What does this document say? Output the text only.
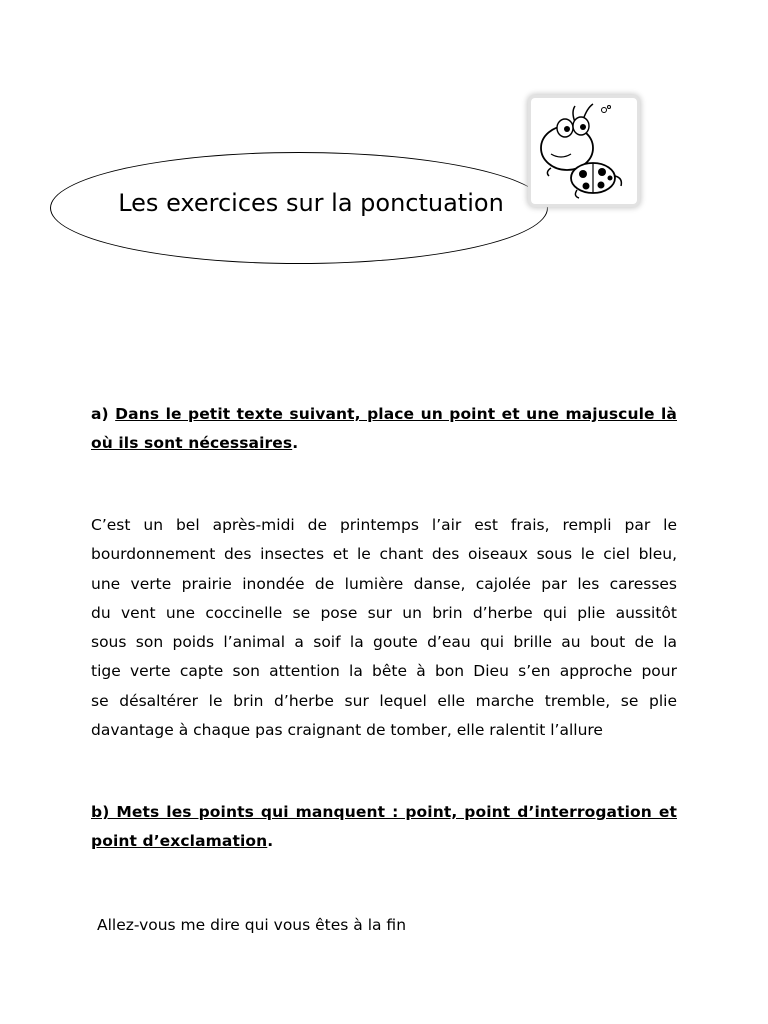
Les exercices sur la ponctuation
a) Dans le petit texte suivant, place un point et une majuscule là où ils sont nécessaires.
C’est un bel après-midi de printemps l’air est frais, rempli par le
bourdonnement des insectes et le chant des oiseaux sous le ciel bleu,
une verte prairie inondée de lumière danse, cajolée par les caresses
du vent une coccinelle se pose sur un brin d’herbe qui plie aussitôt
sous son poids l’animal a soif la goute d’eau qui brille au bout de la
tige verte capte son attention la bête à bon Dieu s’en approche pour
se désaltérer le brin d’herbe sur lequel elle marche tremble, se plie
davantage à chaque pas craignant de tomber, elle ralentit l’allure
b) Mets les points qui manquent : point, point d’interrogation et point d’exclamation.
Allez-vous me dire qui vous êtes à la fin
